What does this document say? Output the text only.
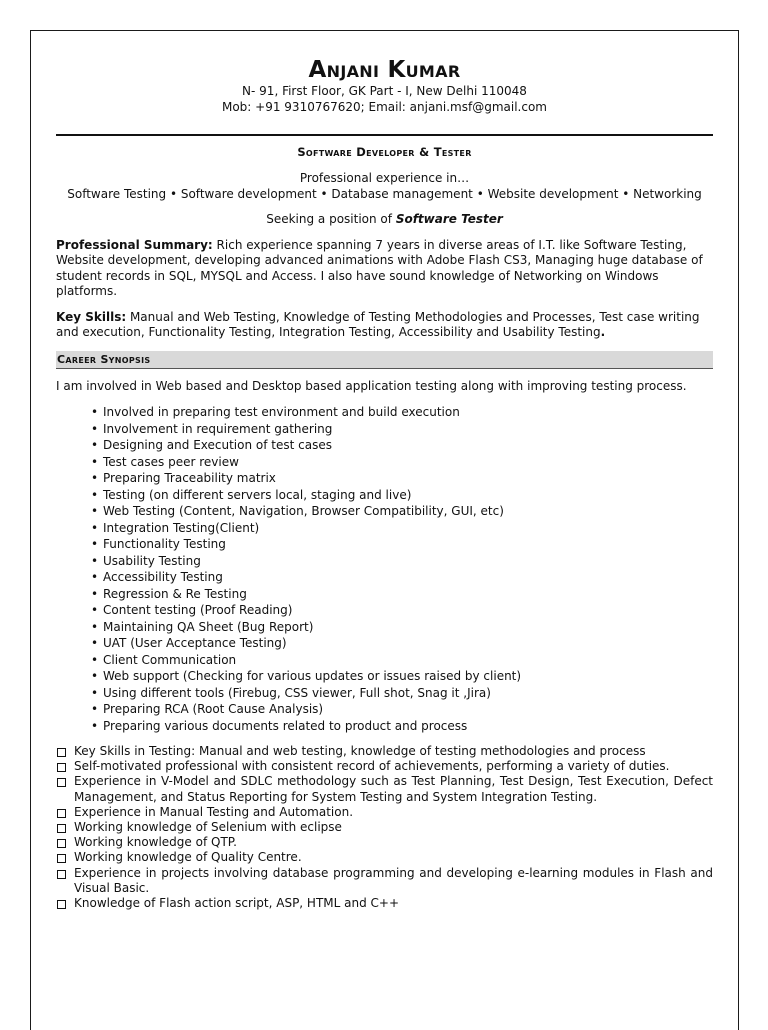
Anjani Kumar
N- 91, First Floor, GK Part - I, New Delhi 110048
Mob: +91 9310767620; Email: anjani.msf@gmail.com
Software Developer & Tester
Professional experience in…
Software Testing • Software development • Database management • Website development • Networking
Seeking a position of Software Tester
Professional Summary: Rich experience spanning 7 years in diverse areas of I.T. like Software Testing, Website development, developing advanced animations with Adobe Flash CS3, Managing huge database of student records in SQL, MYSQL and Access. I also have sound knowledge of Networking on Windows platforms.
Key Skills: Manual and Web Testing, Knowledge of Testing Methodologies and Processes, Test case writing and execution, Functionality Testing, Integration Testing, Accessibility and Usability Testing.
Career Synopsis
I am involved in Web based and Desktop based application testing along with improving testing process.
• Involved in preparing test environment and build execution
• Involvement in requirement gathering
• Designing and Execution of test cases
• Test cases peer review
• Preparing Traceability matrix
• Testing (on different servers local, staging and live)
• Web Testing (Content, Navigation, Browser Compatibility, GUI, etc)
• Integration Testing(Client)
• Functionality Testing
• Usability Testing
• Accessibility Testing
• Regression & Re Testing
• Content testing (Proof Reading)
• Maintaining QA Sheet (Bug Report)
• UAT (User Acceptance Testing)
• Client Communication
• Web support (Checking for various updates or issues raised by client)
• Using different tools (Firebug, CSS viewer, Full shot, Snag it ,Jira)
• Preparing RCA (Root Cause Analysis)
• Preparing various documents related to product and process
Key Skills in Testing: Manual and web testing, knowledge of testing methodologies and process
Self-motivated professional with consistent record of achievements, performing a variety of duties.
Experience in V-Model and SDLC methodology such as Test Planning, Test Design, Test Execution, Defect Management, and Status Reporting for System Testing and System Integration Testing.
Experience in Manual Testing and Automation.
Working knowledge of Selenium with eclipse
Working knowledge of QTP.
Working knowledge of Quality Centre.
Experience in projects involving database programming and developing e-learning modules in Flash and Visual Basic.
Knowledge of Flash action script, ASP, HTML and C++
